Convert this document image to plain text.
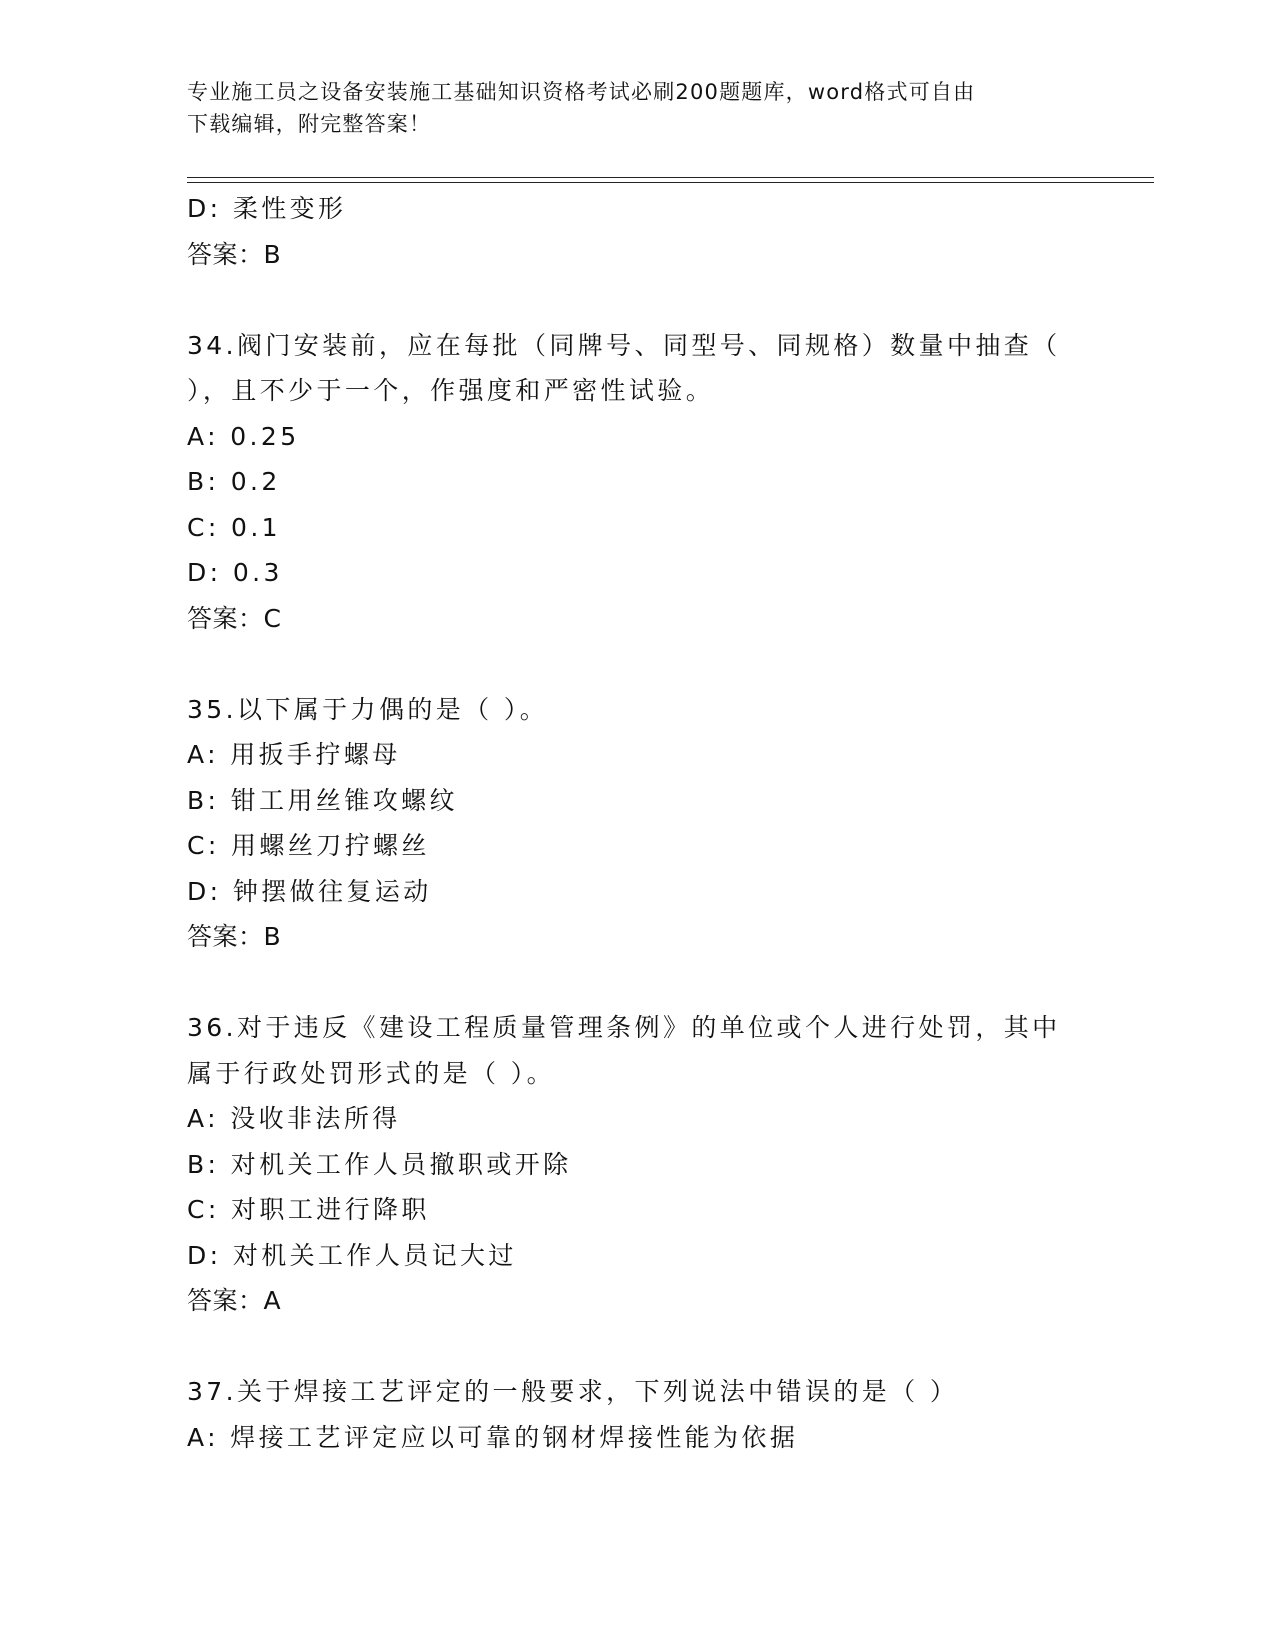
专业施工员之设备安装施工基础知识资格考试必刷200题题库，word格式可自由
下载编辑，附完整答案！
D: 柔性变形
答案：B
34.阀门安装前，应在每批（同牌号、同型号、同规格）数量中抽查（
），且不少于一个，作强度和严密性试验。
A: 0.25
B: 0.2
C: 0.1
D: 0.3
答案：C
35.以下属于力偶的是（ ）。
A: 用扳手拧螺母
B: 钳工用丝锥攻螺纹
C: 用螺丝刀拧螺丝
D: 钟摆做往复运动
答案：B
36.对于违反《建设工程质量管理条例》的单位或个人进行处罚，其中
属于行政处罚形式的是（ ）。
A: 没收非法所得
B: 对机关工作人员撤职或开除
C: 对职工进行降职
D: 对机关工作人员记大过
答案：A
37.关于焊接工艺评定的一般要求，下列说法中错误的是（ ）
A: 焊接工艺评定应以可靠的钢材焊接性能为依据
